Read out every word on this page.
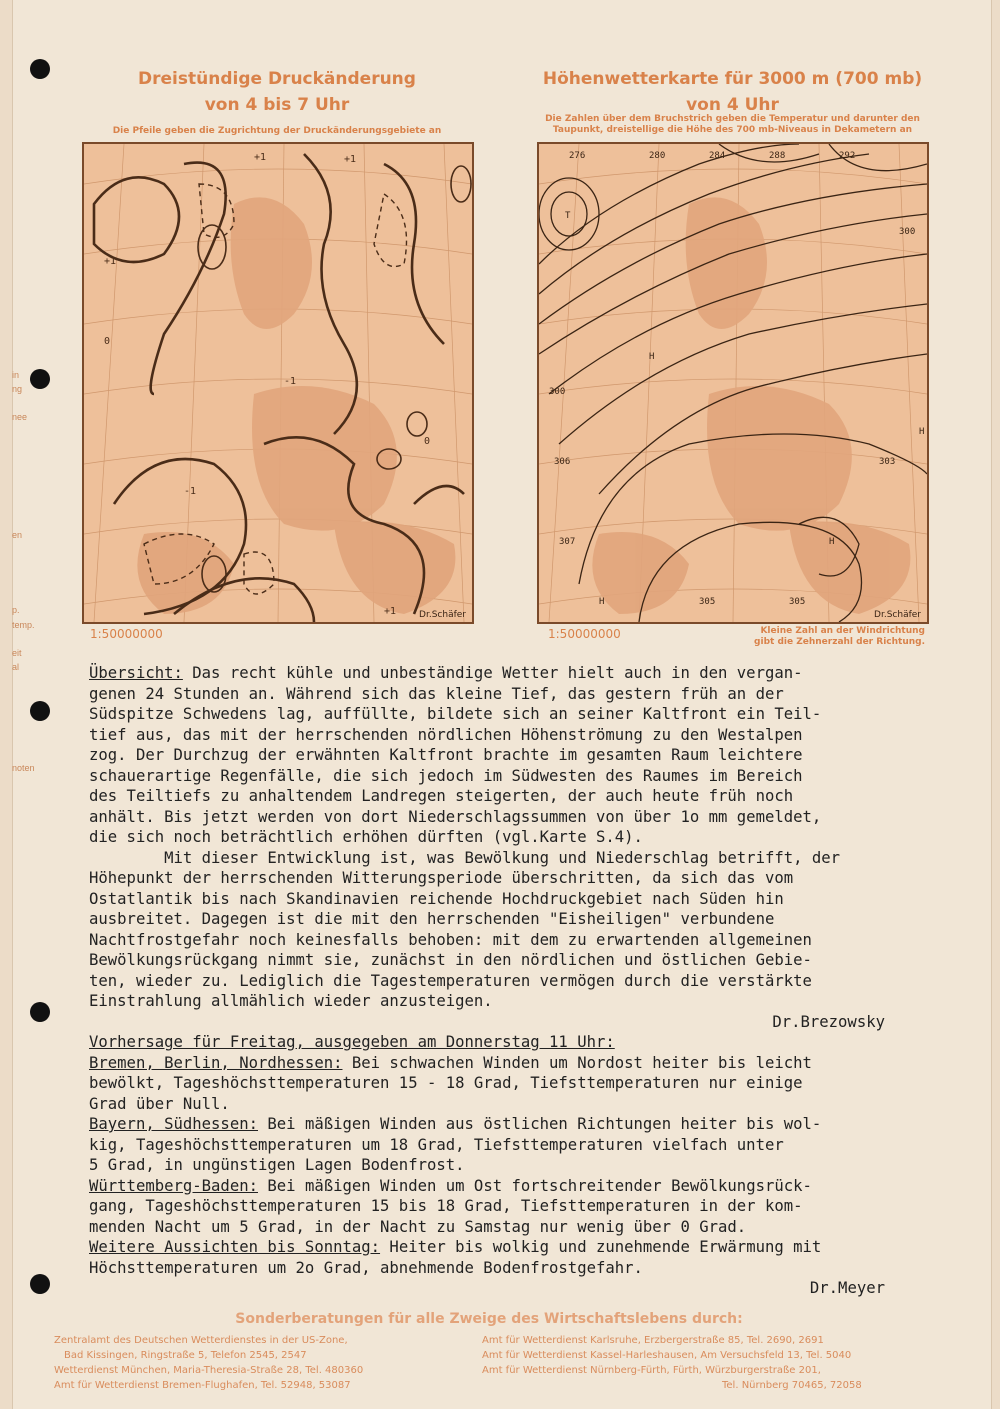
in
ng
nee
en
p.
temp.
eit
al
noten
Dreistündige Druckänderung
von 4 bis 7 Uhr
Die Pfeile geben die Zugrichtung der Druckänderungsgebiete an
+1
+1	+1
-1
-1
+1
0
0
Dr.Schäfer
1:50000000
Höhenwetterkarte für 3000 m (700 mb)
von 4 Uhr
Die Zahlen über dem Bruchstrich geben die Temperatur und darunter den
Taupunkt, dreistellige die Höhe des 700 mb-Niveaus in Dekametern an
276	280	284	288	292
300
300
306
307
305	305
303
H
H
H
H
T
Dr.Schäfer
1:50000000	Kleine Zahl an der Windrichtung
gibt die Zehnerzahl der Richtung.

Übersicht: Das recht kühle und unbeständige Wetter hielt auch in den vergan-

genen 24 Stunden an. Während sich das kleine Tief, das gestern früh an der

Südspitze Schwedens lag, auffüllte, bildete sich an seiner Kaltfront ein Teil-

tief aus, das mit der herrschenden nördlichen Höhenströmung zu den Westalpen

zog. Der Durchzug der erwähnten Kaltfront brachte im gesamten Raum leichtere

schauerartige Regenfälle, die sich jedoch im Südwesten des Raumes im Bereich

des Teiltiefs zu anhaltendem Landregen steigerten, der auch heute früh noch

anhält. Bis jetzt werden von dort Niederschlagssummen von über 1o mm gemeldet,

die sich noch beträchtlich erhöhen dürften (vgl.Karte S.4).

Mit dieser Entwicklung ist, was Bewölkung und Niederschlag betrifft, der

Höhepunkt der herrschenden Witterungsperiode überschritten, da sich das vom

Ostatlantik bis nach Skandinavien reichende Hochdruckgebiet nach Süden hin

ausbreitet. Dagegen ist die mit den herrschenden "Eisheiligen" verbundene

Nachtfrostgefahr noch keinesfalls behoben: mit dem zu erwartenden allgemeinen

Bewölkungsrückgang nimmt sie, zunächst in den nördlichen und östlichen Gebie-

ten, wieder zu. Lediglich die Tagestemperaturen vermögen durch die verstärkte

Einstrahlung allmählich wieder anzusteigen.

Dr.Brezowsky

Vorhersage für Freitag, ausgegeben am Donnerstag 11 Uhr:

Bremen, Berlin, Nordhessen: Bei schwachen Winden um Nordost heiter bis leicht

bewölkt, Tageshöchsttemperaturen 15 - 18 Grad, Tiefsttemperaturen nur einige

Grad über Null.

Bayern, Südhessen: Bei mäßigen Winden aus östlichen Richtungen heiter bis wol-

kig, Tageshöchsttemperaturen um 18 Grad, Tiefsttemperaturen vielfach unter

5 Grad, in ungünstigen Lagen Bodenfrost.

Württemberg-Baden: Bei mäßigen Winden um Ost fortschreitender Bewölkungsrück-

gang, Tageshöchsttemperaturen 15 bis 18 Grad, Tiefsttemperaturen in der kom-

menden Nacht um 5 Grad, in der Nacht zu Samstag nur wenig über 0 Grad.

Weitere Aussichten bis Sonntag: Heiter bis wolkig und zunehmende Erwärmung mit

Höchsttemperaturen um 2o Grad, abnehmende Bodenfrostgefahr.

Dr.Meyer

Sonderberatungen für alle Zweige des Wirtschaftslebens durch:
Zentralamt des Deutschen Wetterdienstes in der US-Zone,
Bad Kissingen, Ringstraße 5, Telefon 2545, 2547
Wetterdienst München, Maria-Theresia-Straße 28, Tel. 480360
Amt für Wetterdienst Bremen-Flughafen, Tel. 52948, 53087
Amt für Wetterdienst Karlsruhe, Erzbergerstraße 85, Tel. 2690, 2691
Amt für Wetterdienst Kassel-Harleshausen, Am Versuchsfeld 13, Tel. 5040
Amt für Wetterdienst Nürnberg-Fürth, Fürth, Würzburgerstraße 201,
Tel. Nürnberg 70465, 72058
